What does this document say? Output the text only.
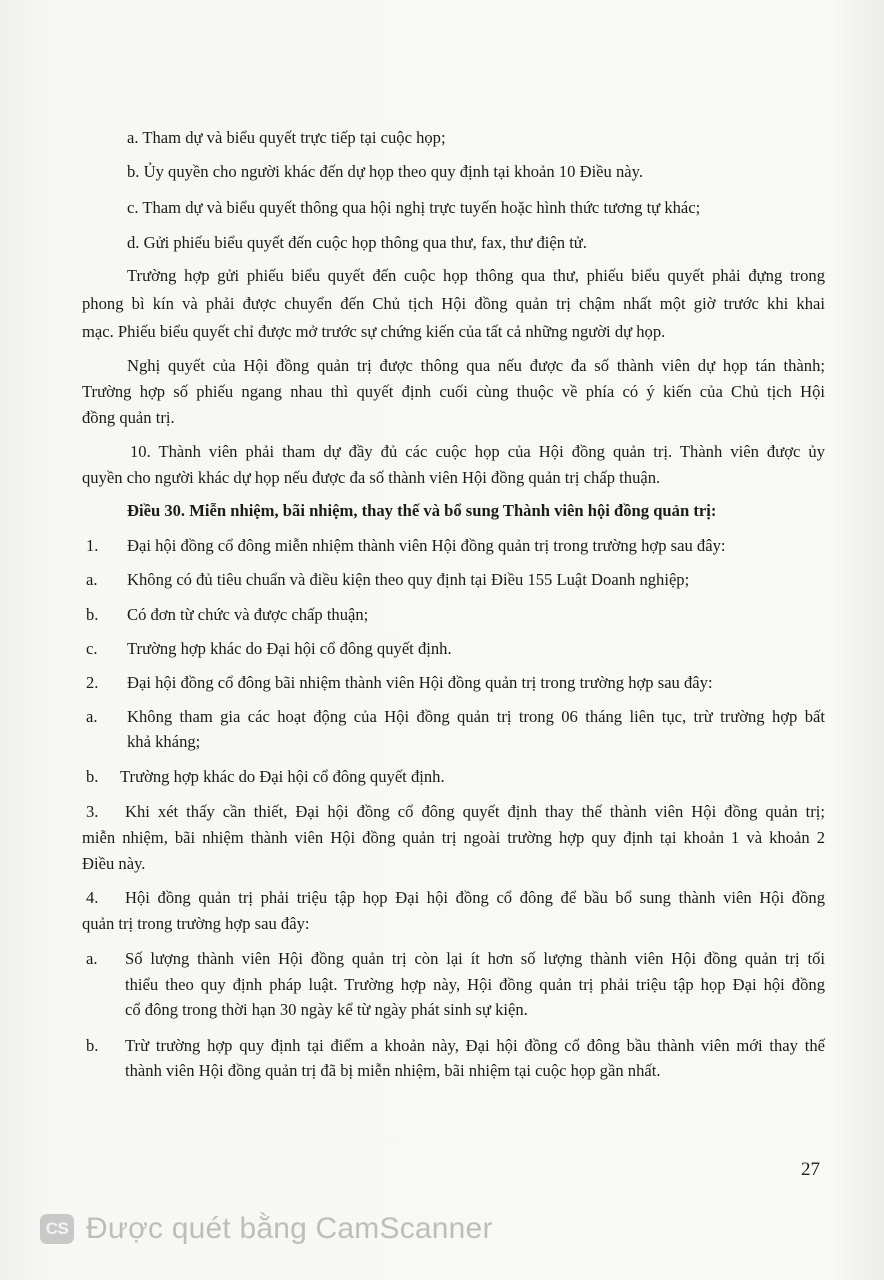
a. Tham dự và biểu quyết trực tiếp tại cuộc họp;
b. Ủy quyền cho người khác đến dự họp theo quy định tại khoản 10 Điều này.
c. Tham dự và biểu quyết thông qua hội nghị trực tuyến hoặc hình thức tương tự khác;
d. Gửi phiếu biểu quyết đến cuộc họp thông qua thư, fax, thư điện tử.
Trường hợp gửi phiếu biểu quyết đến cuộc họp thông qua thư, phiếu biểu quyết phải đựng trong
phong bì kín và phải được chuyển đến Chủ tịch Hội đồng quản trị chậm nhất một giờ trước khi khai
mạc. Phiếu biểu quyết chỉ được mở trước sự chứng kiến của tất cả những người dự họp.
Nghị quyết của Hội đồng quản trị được thông qua nếu được đa số thành viên dự họp tán thành;
Trường hợp số phiếu ngang nhau thì quyết định cuối cùng thuộc về phía có ý kiến của Chủ tịch Hội
đồng quản trị.
10. Thành viên phải tham dự đầy đủ các cuộc họp của Hội đồng quản trị. Thành viên được ủy
quyền cho người khác dự họp nếu được đa số thành viên Hội đồng quản trị chấp thuận.
Điều 30. Miễn nhiệm, bãi nhiệm, thay thế và bổ sung Thành viên hội đồng quản trị:
1. Đại hội đồng cổ đông miễn nhiệm thành viên Hội đồng quản trị trong trường hợp sau đây:
a. Không có đủ tiêu chuẩn và điều kiện theo quy định tại Điều 155 Luật Doanh nghiệp;
b. Có đơn từ chức và được chấp thuận;
c. Trường hợp khác do Đại hội cổ đông quyết định.
2. Đại hội đồng cổ đông bãi nhiệm thành viên Hội đồng quản trị trong trường hợp sau đây:
a. Không tham gia các hoạt động của Hội đồng quản trị trong 06 tháng liên tục, trừ trường hợp bất
khả kháng;
b. Trường hợp khác do Đại hội cổ đông quyết định.
3. Khi xét thấy cần thiết, Đại hội đồng cổ đông quyết định thay thế thành viên Hội đồng quản trị;
miễn nhiệm, bãi nhiệm thành viên Hội đồng quản trị ngoài trường hợp quy định tại khoản 1 và khoản 2
Điều này.
4. Hội đồng quản trị phải triệu tập họp Đại hội đồng cổ đông để bầu bổ sung thành viên Hội đồng
quản trị trong trường hợp sau đây:
a. Số lượng thành viên Hội đồng quản trị còn lại ít hơn số lượng thành viên Hội đồng quản trị tối
thiểu theo quy định pháp luật. Trường hợp này, Hội đồng quản trị phải triệu tập họp Đại hội đồng
cổ đông trong thời hạn 30 ngày kể từ ngày phát sinh sự kiện.
b. Trừ trường hợp quy định tại điểm a khoản này, Đại hội đồng cổ đông bầu thành viên mới thay thế
thành viên Hội đồng quản trị đã bị miễn nhiệm, bãi nhiệm tại cuộc họp gần nhất.
27
CS Được quét bằng CamScanner
